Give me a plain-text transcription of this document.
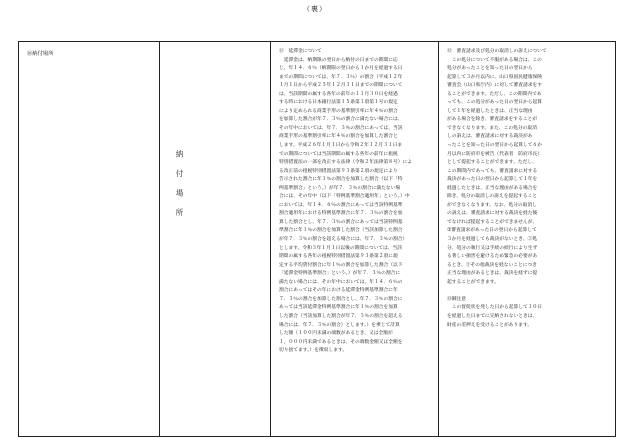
（裏）
⑩納付場所
納付場所
⑪　延滞金について
　延滞金は、納期限の翌日から納付の日までの期間に応
じ、年１４．６％（納期限の翌日から１か月を経過する日
までの期間については、年７．３％）の割合（平成１２年
１月１日から平成２５年１２月３１日までの期間について
は、当該期間の属する各年の前年の１１月３０日を経過
する時における日本銀行法第１５条第１項第１号の規定
により定められる商業手形の基準割引率に年４％の割合
を加算した割合が年７．３％の割合に満たない場合には、
その年中においては、年７．３％の割合にあっては、当該
商業手形の基準割引率に年４％の割合を加算した割合と
します。平成２６年１月１日から令和２年１２月３１日ま
での期間については当該期間の属する各年の前年に租税
特別措置法の一部を改正する法律（令和２年法律第８号）によ
る改正前の租税特別措置法第９３条第２項の規定により
告示された割合に年１％の割合を加算した割合（以下「特
例基準割合」という。）が年７．３％の割合に満たない場
合には、その年中（以下「特例基準割合適用年」という。）中
においては、年１４．６％の割合にあっては当該特例基準
割合適用年における特例基準割合に年７．３％の割合を加
算した割合とし、年７．３％の割合にあっては当該特例基
準割合に年１％の割合を加算した割合（当該加算した割合
が年７．３％の割合を超える場合には、年７．３％の割合）
とします。令和３年１月１日以後の期間については、当該
期間の属する各年の租税特別措置法第９３条第２項に規
定する平均貸付割合に年１％の割合を加算した割合（以下
「延滞金特例基準割合」という。）が年７．３％の割合に
満たない場合には、その年中においては、年１４．６％の
割合にあってはその年における延滞金特例基準割合に年
７．３％の割合を加算した割合とし、年７．３％の割合に
あっては当該延滞金特例基準割合に年１％の割合を加算
した割合（当該加算した割合が年７．３％の割合を超える
場合には、年７．３％の割合）とします。）を乗じて計算
した額（１００円未満の端数があるとき、又は全額が
１，０００円未満であるときは、その端数金額又は全額を
切り捨てます。）を徴収します。
⑫　審査請求及び処分の取消しの訴えについて
　この処分について不服がある場合は、この
処分があったことを知った日の翌日から
起算して３か月以内に、山口県国民健康保険
審査会（山口県庁内）に対して審査請求をす
ることができます。ただし、この期間内であ
っても、この処分があった日の翌日から起算
して１年を経過したときは、正当な理由
がある場合を除き、審査請求をすることが
できなくなります。また、この処分の取消
しの訴えは、審査請求に対する裁決があ
ったことを知った日の翌日から起算して６か
月以内に防府市を被告（代表者　防府市長）
として提起することができます。ただし、
この期間内であっても、審査請求に対する
裁決があった日の翌日から起算して１年を
経過したときは、正当な理由がある場合を
除き、処分の取消しの訴えを提起すること
ができなくなります。なお、処分の取消し
の訴えは、審査請求に対する裁決を経た後
でなければ提起することができませんが、
①審査請求があった日の翌日から起算して
３か月を経過しても裁決がないとき、②処
分、処分の執行又は手続の続行により生ず
る著しい損害を避けるため緊急の必要があ
るとき、③その他裁決を経ないことにつき
正当な理由があるときは、裁決を経ずに提
起することができます。

⑬御注意
　この督促状を発した日から起算して１０日
を経過した日までに完納されないときは、
財産の差押えを受けることがあります。
